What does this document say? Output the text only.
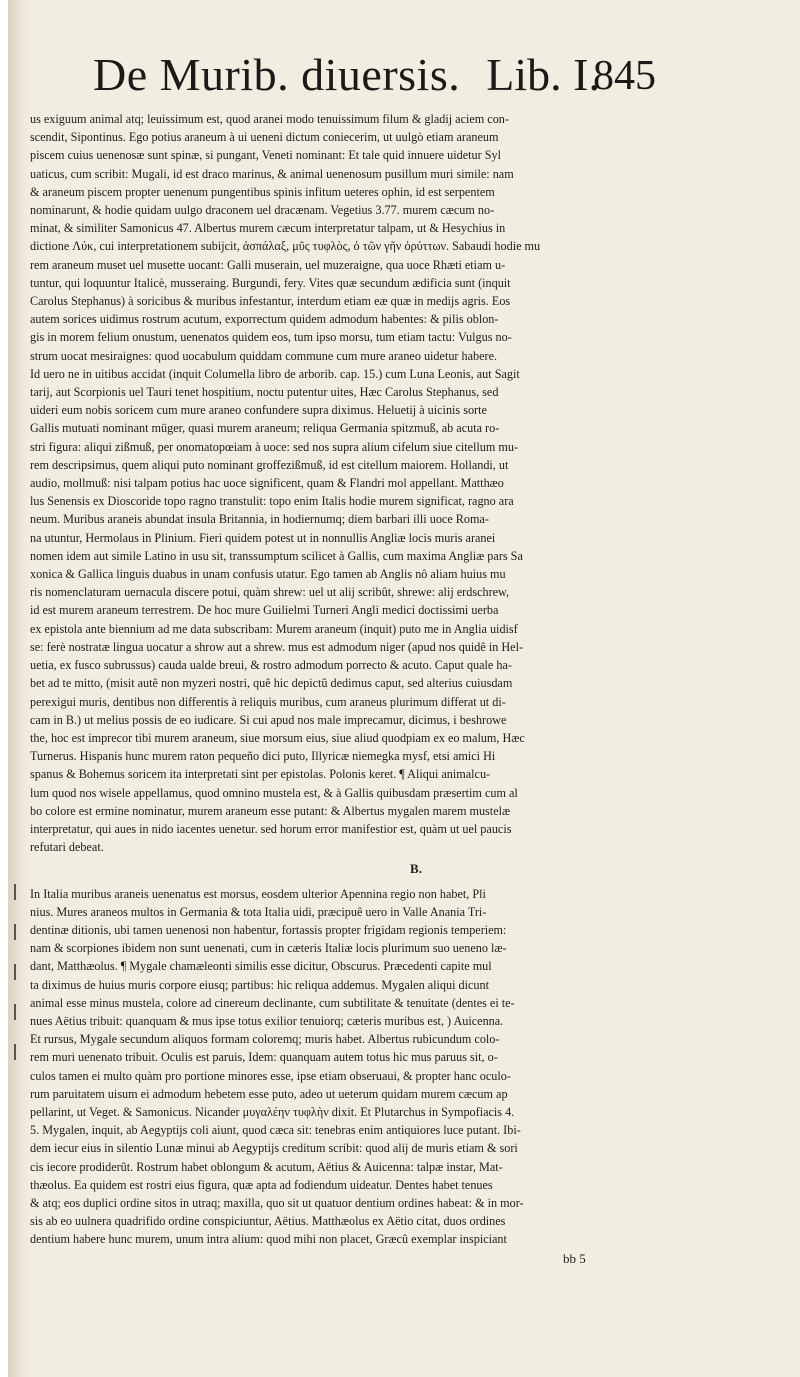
De Murib. diuersis. Lib. I.
845

us exiguum animal atq; leuissimum est, quod aranei modo tenuissimum filum & gladij aciem con-
scendit, Sipontinus. Ego potius araneum à ui ueneni dictum coniecerim, ut uulgò etiam araneum
piscem cuius uenenosæ sunt spinæ, si pungant, Veneti nominant: Et tale quid innuere uidetur Syl
uaticus, cum scribit: Mugali, id est draco marinus, & animal uenenosum pusillum muri simile: nam
& araneum piscem propter uenenum pungentibus spinis infitum ueteres ophin, id est serpentem
nominarunt, & hodie quidam uulgo draconem uel dracænam. Vegetius 3.77. murem cæcum no-
minat, & similiter Samonicus 47. Albertus murem cæcum interpretatur talpam, ut & Hesychius in
dictione Λύκ, cui interpretationem subijcit, ἀσπάλαξ, μῦς τυφλὸς, ὁ τῶν γῆν ὀρύττων. Sabaudi hodie mu
rem araneum muset uel musette uocant: Galli muserain, uel muzeraigne, qua uoce Rhæti etiam u-
tuntur, qui loquuntur Italicè, musseraing. Burgundi, fery. Vites quæ secundum ædificia sunt (inquit
Carolus Stephanus) à soricibus & muribus infestantur, interdum etiam eæ quæ in medijs agris. Eos
autem sorices uidimus rostrum acutum, exporrectum quidem admodum habentes: & pilis oblon-
gis in morem felium onustum, uenenatos quidem eos, tum ipso morsu, tum etiam tactu: Vulgus no-
strum uocat mesiraignes: quod uocabulum quiddam commune cum mure araneo uidetur habere.
Id uero ne in uitibus accidat (inquit Columella libro de arborib. cap. 15.) cum Luna Leonis, aut Sagit
tarij, aut Scorpionis uel Tauri tenet hospitium, noctu putentur uites, Hæc Carolus Stephanus, sed
uideri eum nobis soricem cum mure araneo confundere supra diximus. Heluetij à uicinis sorte
Gallis mutuati nominant müger, quasi murem araneum; reliqua Germania spitzmuß, ab acuta ro-
stri figura: aliqui zißmuß, per onomatopœiam à uoce: sed nos supra alium cifelum siue citellum mu-
rem descripsimus, quem aliqui puto nominant groffezißmuß, id est citellum maiorem. Hollandi, ut
audio, mollmuß: nisi talpam potius hac uoce significent, quam & Flandri mol appellant. Matthæo
lus Senensis ex Dioscoride topo ragno transtulit: topo enim Italis hodie murem significat, ragno ara
neum. Muribus araneis abundat insula Britannia, in hodiernumq; diem barbari illi uoce Roma-
na utuntur, Hermolaus in Plinium. Fieri quidem potest ut in nonnullis Angliæ locis muris aranei
nomen idem aut simile Latino in usu sit, transsumptum scilicet à Gallis, cum maxima Angliæ pars Sa
xonica & Gallica linguis duabus in unam confusis utatur. Ego tamen ab Anglis nô aliam huius mu
ris nomenclaturam uernacula discere potui, quàm shrew: uel ut alij scribût, shrewe: alij erdschrew,
id est murem araneum terrestrem. De hoc mure Guilielmi Turneri Angli medici doctissimi uerba
ex epistola ante biennium ad me data subscribam: Murem araneum (inquit) puto me in Anglia uidisf
se: ferè nostratæ lingua uocatur a shrow aut a shrew. mus est admodum niger (apud nos quidê in Hel-
uetia, ex fusco subrussus) cauda ualde breui, & rostro admodum porrecto & acuto. Caput quale ha-
bet ad te mitto, (misit autê non myzeri nostri, quê hic depictû dedimus caput, sed alterius cuiusdam
perexigui muris, dentibus non differentis à reliquis muribus, cum araneus plurimum differat ut di-
cam in B.) ut melius possis de eo iudicare. Si cui apud nos male imprecamur, dicimus, i beshrowe
the, hoc est imprecor tibi murem araneum, siue morsum eius, siue aliud quodpiam ex eo malum, Hæc
Turnerus. Hispanis hunc murem raton pequeño dici puto, Illyricæ niemegka mysf, etsi amici Hi
spanus & Bohemus soricem ita interpretati sint per epistolas. Polonis keret. ¶ Aliqui animalcu-
lum quod nos wisele appellamus, quod omnino mustela est, & à Gallis quibusdam præsertim cum al
bo colore est ermine nominatur, murem araneum esse putant: & Albertus mygalen marem mustelæ
interpretatur, qui aues in nido iacentes uenetur. sed horum error manifestior est, quàm ut uel paucis
refutari debeat.

B.

In Italia muribus araneis uenenatus est morsus, eosdem ulterior Apennina regio non habet, Pli
nius. Mures araneos multos in Germania & tota Italia uidi, præcipuê uero in Valle Anania Tri-
dentinæ ditionis, ubi tamen uenenosi non habentur, fortassis propter frigidam regionis temperiem:
nam & scorpiones ibidem non sunt uenenati, cum in cæteris Italiæ locis plurimum suo ueneno læ-
dant, Matthæolus. ¶ Mygale chamæleonti similis esse dicitur, Obscurus. Præcedenti capite mul
ta diximus de huius muris corpore eiusq; partibus: hic reliqua addemus. Mygalen aliqui dicunt
animal esse minus mustela, colore ad cinereum declinante, cum subtilitate & tenuitate (dentes ei te-
nues Aëtius tribuit: quanquam & mus ipse totus exilior tenuiorq; cæteris muribus est, ) Auicenna.
Et rursus, Mygale secundum aliquos formam coloremq; muris habet. Albertus rubicundum colo-
rem muri uenenato tribuit. Oculis est paruis, Idem: quanquam autem totus hic mus paruus sit, o-
culos tamen ei multo quàm pro portione minores esse, ipse etiam obseruaui, & propter hanc oculo-
rum paruitatem uisum ei admodum hebetem esse puto, adeo ut ueterum quidam murem cæcum ap
pellarint, ut Veget. & Samonicus. Nicander μυγαλέην τυφλὴν dixit. Et Plutarchus in Sympofiacis 4.
5. Mygalen, inquit, ab Aegyptijs coli aiunt, quod cæca sit: tenebras enim antiquiores luce putant. Ibi-
dem iecur eius in silentio Lunæ minui ab Aegyptijs creditum scribit: quod alij de muris etiam & sori
cis iecore prodiderût. Rostrum habet oblongum & acutum, Aëtius & Auicenna: talpæ instar, Mat-
thæolus. Ea quidem est rostri eius figura, quæ apta ad fodiendum uideatur. Dentes habet tenues
& atq; eos duplici ordine sitos in utraq; maxilla, quo sit ut quatuor dentium ordines habeat: & in mor-
sis ab eo uulnera quadrifido ordine conspiciuntur, Aëtius. Matthæolus ex Aëtio citat, duos ordines
dentium habere hunc murem, unum intra alium: quod mihi non placet, Græcû exemplar inspiciant

bb 5
